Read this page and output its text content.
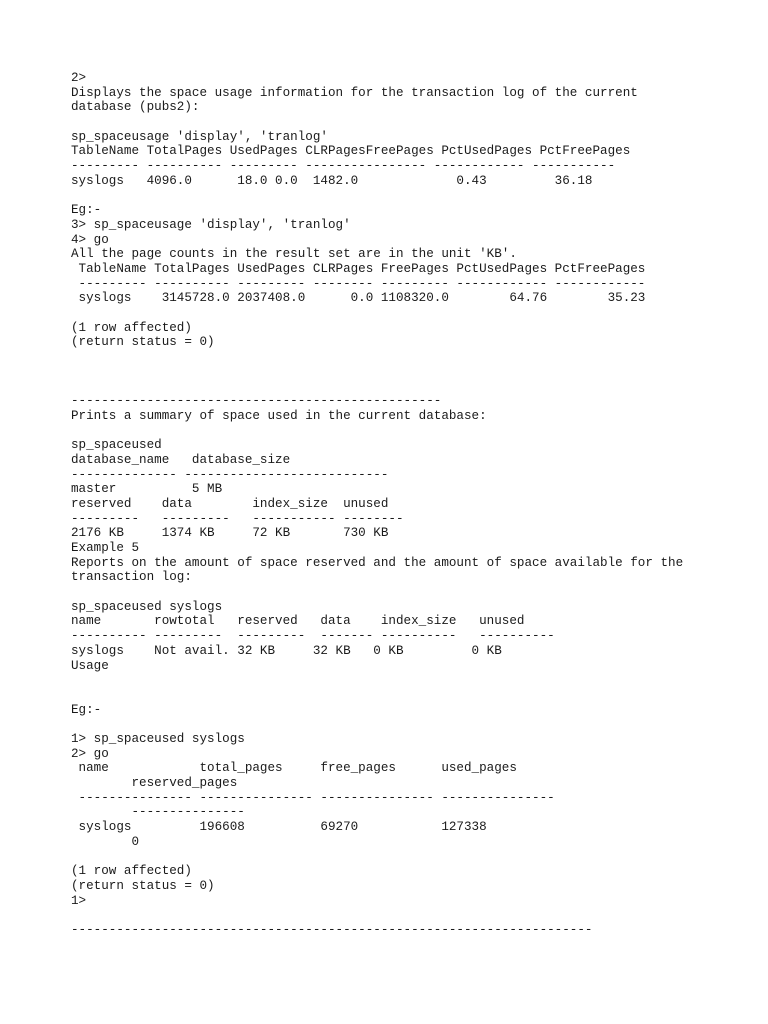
2>
Displays the space usage information for the transaction log of the current
database (pubs2):
sp_spaceusage 'display', 'tranlog'
TableName TotalPages UsedPages CLRPagesFreePages PctUsedPages PctFreePages
--------- ---------- --------- ---------------- ------------ -----------
syslogs   4096.0      18.0 0.0  1482.0             0.43         36.18
Eg:-
3> sp_spaceusage 'display', 'tranlog'
4> go
All the page counts in the result set are in the unit 'KB'.
TableName TotalPages UsedPages CLRPages FreePages PctUsedPages PctFreePages
--------- ---------- --------- -------- --------- ------------ ------------
syslogs    3145728.0 2037408.0      0.0 1108320.0        64.76        35.23
(1 row affected)
(return status = 0)
-------------------------------------------------
Prints a summary of space used in the current database:
sp_spaceused
database_name   database_size
-------------- ---------------------------
master          5 MB
reserved    data        index_size  unused
---------   ---------   ----------- --------
2176 KB     1374 KB     72 KB       730 KB
Example 5
Reports on the amount of space reserved and the amount of space available for the
transaction log:
sp_spaceused syslogs
name       rowtotal   reserved   data    index_size   unused
---------- ---------  ---------  ------- ----------   ----------
syslogs    Not avail. 32 KB     32 KB   0 KB         0 KB
Usage
Eg:-
1> sp_spaceused syslogs
2> go
name            total_pages     free_pages      used_pages
reserved_pages
--------------- --------------- --------------- ---------------
---------------
syslogs         196608          69270           127338
0
(1 row affected)
(return status = 0)
1>
---------------------------------------------------------------------
